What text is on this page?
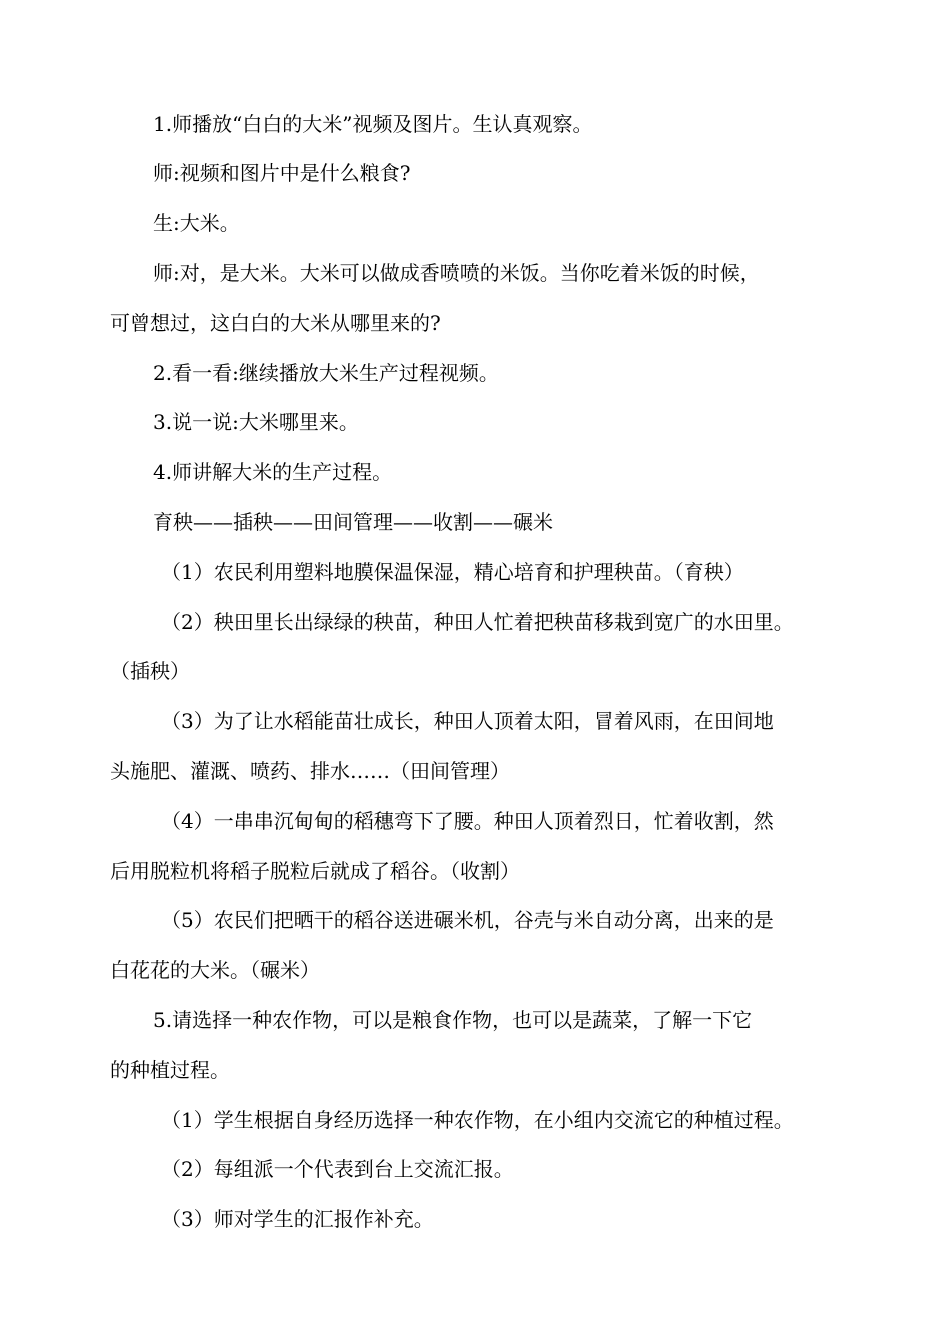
1.师播放“白白的大米”视频及图片。生认真观察。
师:视频和图片中是什么粮食?
生:大米。
师:对，是大米。大米可以做成香喷喷的米饭。当你吃着米饭的时候，
可曾想过，这白白的大米从哪里来的?
2.看一看:继续播放大米生产过程视频。
3.说一说:大米哪里来。
4.师讲解大米的生产过程。
育秧——插秧——田间管理——收割——碾米
（1）农民利用塑料地膜保温保湿，精心培育和护理秧苗。（育秧）
（2）秧田里长出绿绿的秧苗，种田人忙着把秧苗移栽到宽广的水田里。
（插秧）
（3）为了让水稻能苗壮成长，种田人顶着太阳，冒着风雨，在田间地
头施肥、灌溉、喷药、排水……（田间管理）
（4）一串串沉甸甸的稻穗弯下了腰。种田人顶着烈日，忙着收割，然
后用脱粒机将稻子脱粒后就成了稻谷。（收割）
（5）农民们把晒干的稻谷送进碾米机，谷壳与米自动分离，出来的是
白花花的大米。（碾米）
5.请选择一种农作物，可以是粮食作物，也可以是蔬菜，了解一下它
的种植过程。
（1）学生根据自身经历选择一种农作物，在小组内交流它的种植过程。
（2）每组派一个代表到台上交流汇报。
（3）师对学生的汇报作补充。
